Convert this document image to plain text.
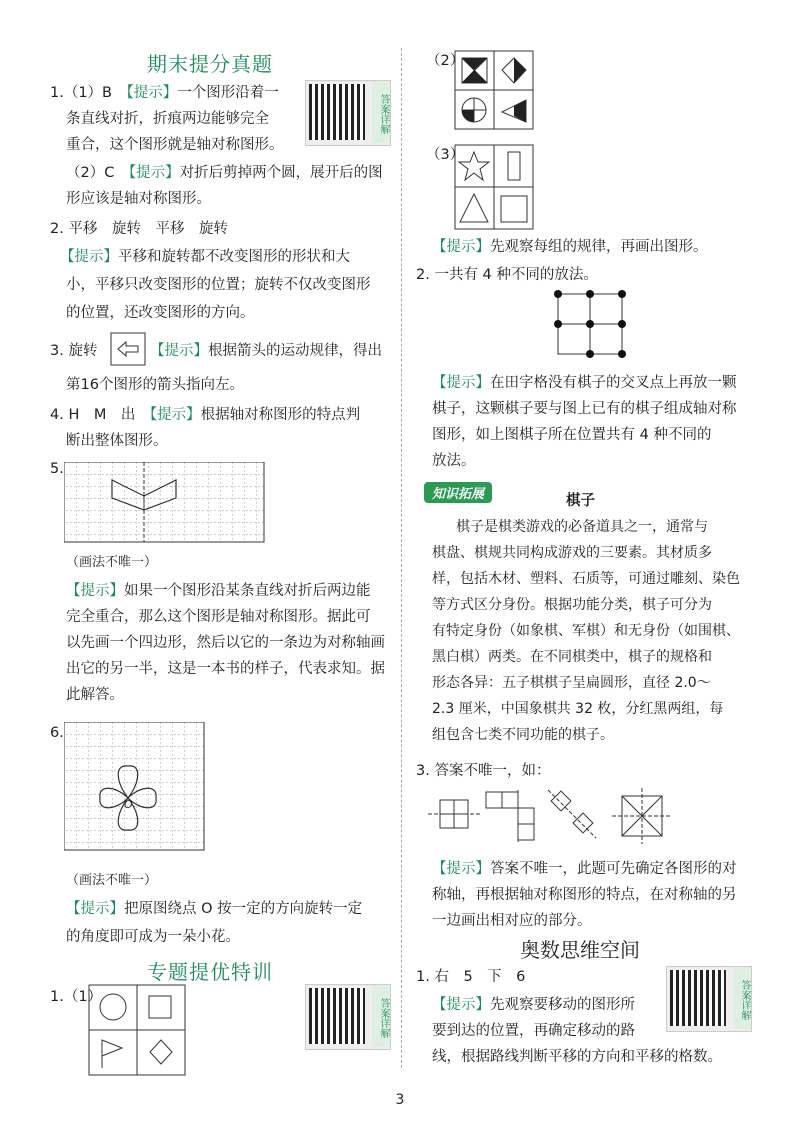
期末提分真题
1.（1）B　 【提示】一个图形沿着一
条直线对折，折痕两边能够完全
重合，这个图形就是轴对称图形。
答案详解
（2）C　 【提示】对折后剪掉两个圆，展开后的图
形应该是轴对称图形。
2. 平移　旋转　平移　旋转
【提示】平移和旋转都不改变图形的形状和大
小，平移只改变图形的位置；旋转不仅改变图形
的位置，还改变图形的方向。
3. 旋转	【提示】根据箭头的运动规律，得出
第16个图形的箭头指向左。
4. H　M　出　 【提示】根据轴对称图形的特点判
断出整体图形。
5.
（画法不唯一）
【提示】如果一个图形沿某条直线对折后两边能
完全重合，那么这个图形是轴对称图形。据此可
以先画一个四边形，然后以它的一条边为对称轴画
出它的另一半，这是一本书的样子，代表求知。据
此解答。
6.
O
（画法不唯一）
【提示】把原图绕点 O 按一定的方向旋转一定
的角度即可成为一朵小花。
专题提优特训
1.（1）
答案详解
（2）
（3）
【提示】先观察每组的规律，再画出图形。
2. 一共有 4 种不同的放法。
【提示】在田字格没有棋子的交叉点上再放一颗
棋子，这颗棋子要与图上已有的棋子组成轴对称
图形，如上图棋子所在位置共有 4 种不同的
放法。
知识拓展	棋子
棋子是棋类游戏的必备道具之一，通常与
棋盘、棋规共同构成游戏的三要素。其材质多
样，包括木材、塑料、石质等，可通过雕刻、染色
等方式区分身份。根据功能分类，棋子可分为
有特定身份（如象棋、军棋）和无身份（如围棋、
黑白棋）两类。在不同棋类中，棋子的规格和
形态各异：五子棋棋子呈扁圆形，直径 2.0～
2.3 厘米，中国象棋共 32 枚，分红黑两组，每
组包含七类不同功能的棋子。
3. 答案不唯一，如：
【提示】答案不唯一，此题可先确定各图形的对
称轴，再根据轴对称图形的特点，在对称轴的另
一边画出相对应的部分。
奥数思维空间
1. 右　5　下　6
答案详解
【提示】先观察要移动的图形所
要到达的位置，再确定移动的路
线，根据路线判断平移的方向和平移的格数。
3
